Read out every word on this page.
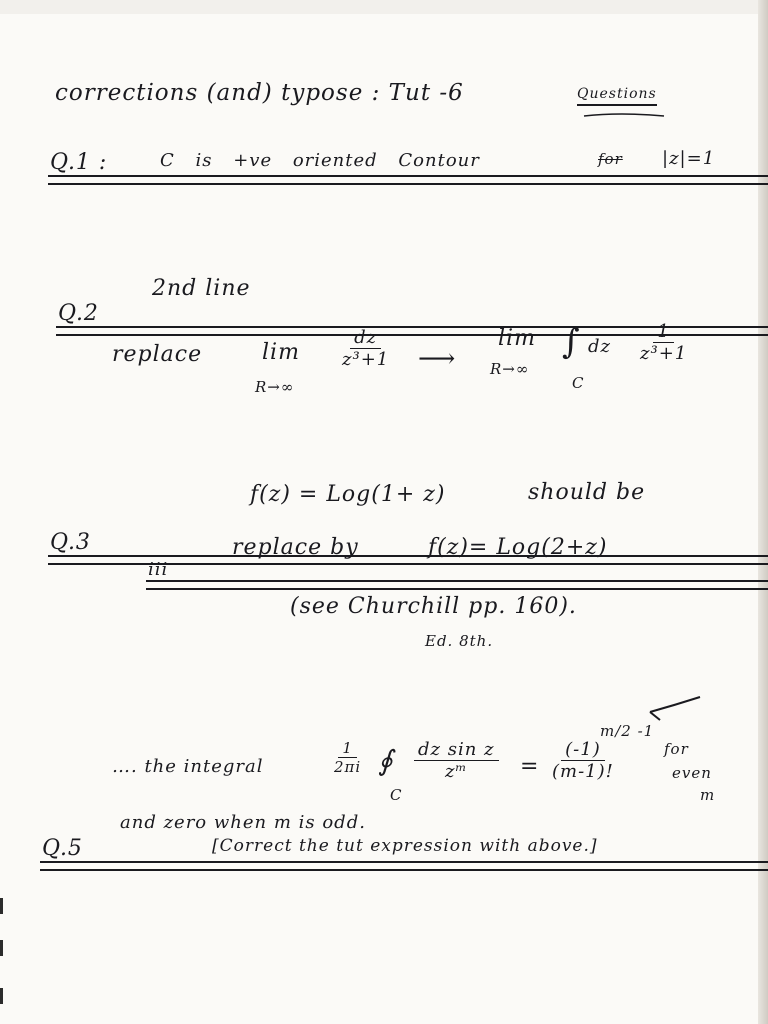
corrections (and) typose : Tut -6	Questions
Q.1 :	C is +ve oriented Contour	for |z|=1
Q.2
2nd line
replace	lim
R→∞
$\frac{dz}{\text{z³+1}}$ ⟶
lim
R→∞
∫
C
dz $\frac{1}{\text{z³+1}}$
Q.3
iii
f(z) = Log(1+ z)	should be
replace by	f(z)= Log(2+z)
(see Churchill pp. 160).
Ed. 8th.
Q.5
…. the integral	$\frac{1}{2\pi i}$ ∮
C
$\frac{\text{dz sin z}}{\text{zᵐ}}$ =
m/2 -1
$\frac{(-1)}{(m-1)!}$	for
even
m
and zero when m is odd.
[Correct the tut expression with above.]
